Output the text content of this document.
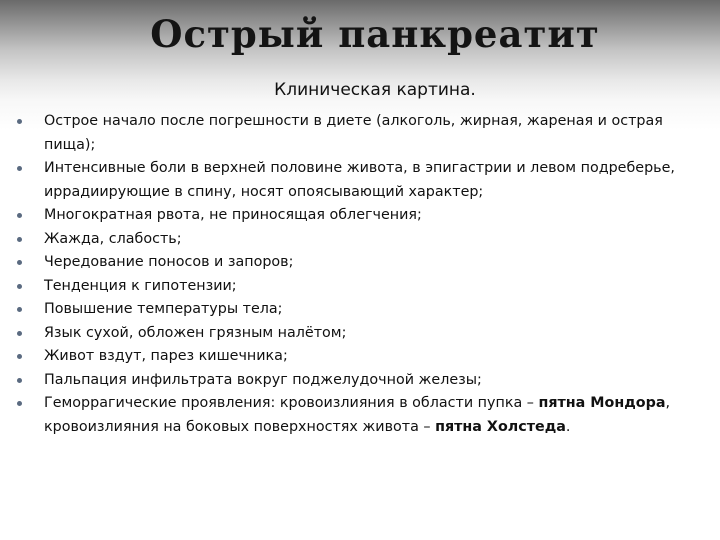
Острый панкреатит
Клиническая картина.
Острое начало после погрешности в диете (алкоголь, жирная, жареная и острая пища);
Интенсивные боли в верхней половине живота, в эпигастрии и левом подреберье, иррадиирующие в спину, носят опоясывающий характер;
Многократная рвота, не приносящая облегчения;
Жажда, слабость;
Чередование поносов и запоров;
Тенденция к гипотензии;
Повышение температуры тела;
Язык сухой, обложен грязным налётом;
Живот вздут, парез кишечника;
Пальпация инфильтрата вокруг поджелудочной железы;
Геморрагические проявления: кровоизлияния в области пупка – пятна Мондора, кровоизлияния на боковых поверхностях живота – пятна Холстеда.
